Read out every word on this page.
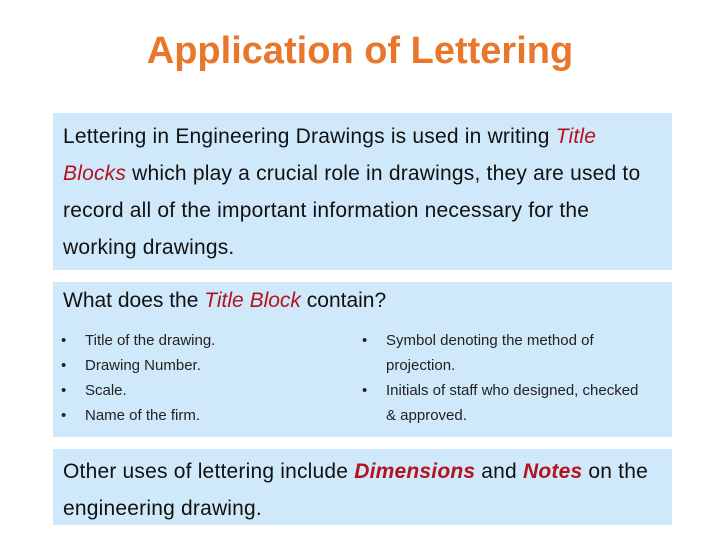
Application of Lettering
Lettering in Engineering Drawings is used in writing Title Blocks which play a crucial role in drawings, they are used to record all of the important information necessary for the working drawings.
What does the Title Block contain?
• Title of the drawing.
• Drawing Number.
• Scale.
• Name of the firm.
• Symbol denoting the method of
projection.
• Initials of staff who designed, checked
& approved.
Other uses of lettering include Dimensions and Notes on the engineering drawing.
